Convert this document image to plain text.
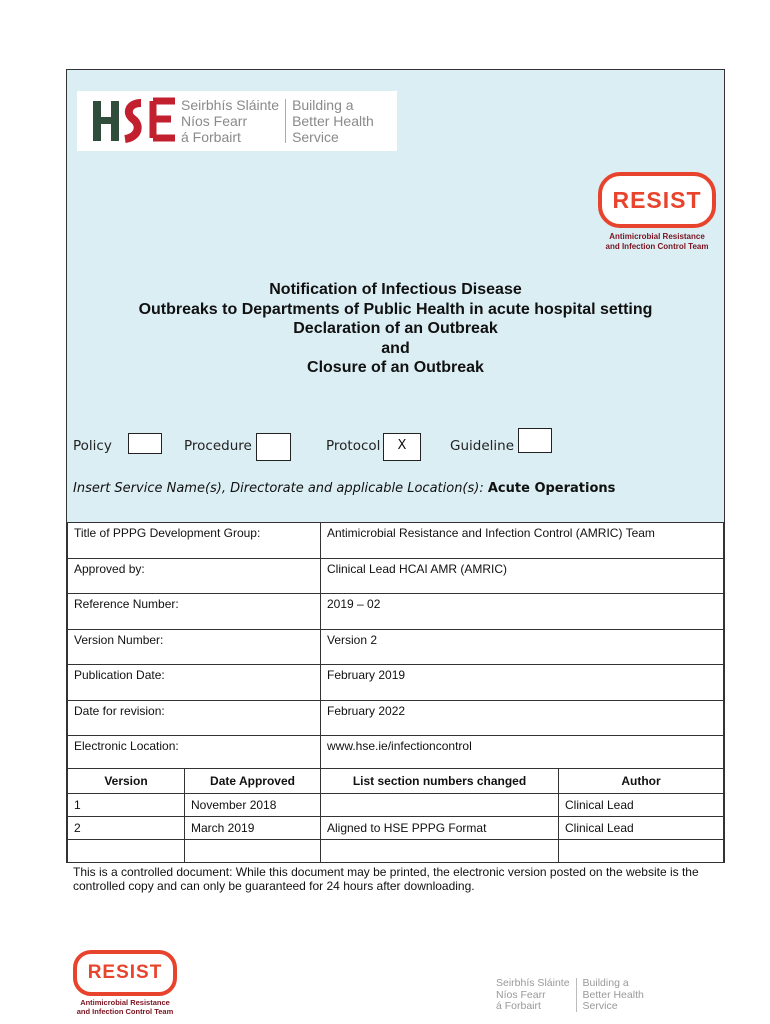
Seirbhís Sláinte
Níos Fearr
á Forbairt
Building a
Better Health
Service
RESIST
Antimicrobial Resistance
and Infection Control Team
Notification of Infectious Disease
Outbreaks to Departments of Public Health in acute hospital setting
Declaration of an Outbreak
and
Closure of an Outbreak
Policy	Procedure	Protocol	X	Guideline
Insert Service Name(s), Directorate and applicable Location(s): Acute Operations
Title of PPPG Development Group:	Antimicrobial Resistance and Infection Control (AMRIC) Team
Approved by:	Clinical Lead HCAI AMR (AMRIC)
Reference Number:	2019 – 02
Version Number:	Version 2
Publication Date:	February 2019
Date for revision:	February 2022
Electronic Location:	www.hse.ie/infectioncontrol
Version	Date Approved	List section numbers changed	Author
1	November 2018		Clinical Lead
2	March 2019	Aligned to HSE PPPG Format	Clinical Lead

This is a controlled document: While this document may be printed, the electronic version posted on the website is the controlled copy and can only be guaranteed for 24 hours after downloading.
RESIST
Antimicrobial Resistance
and Infection Control Team
Seirbhís Sláinte
Níos Fearr
á Forbairt
Building a
Better Health
Service
